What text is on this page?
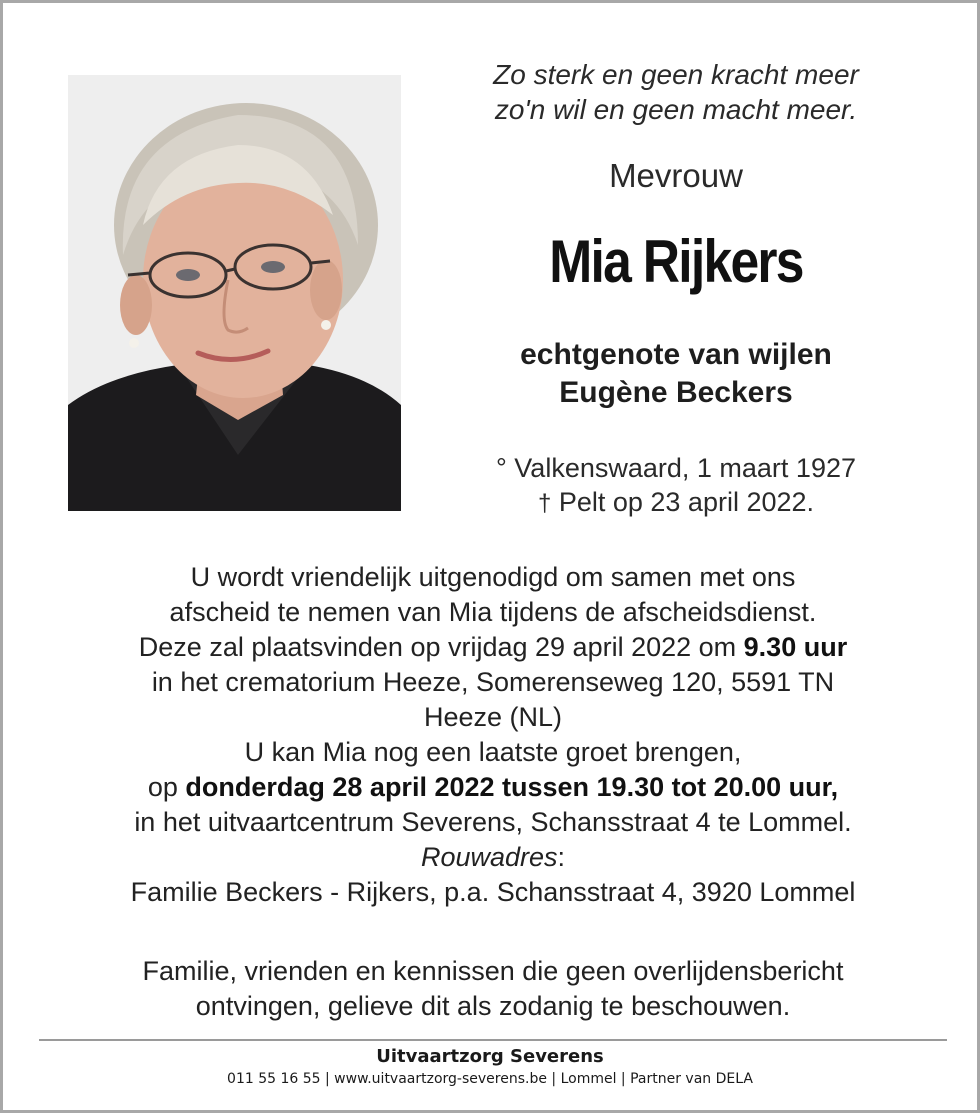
Zo sterk en geen kracht meer
zo'n wil en geen macht meer.
Mevrouw
Mia Rijkers
echtgenote van wijlen
Eugène Beckers
° Valkenswaard, 1 maart 1927
† Pelt op 23 april 2022.

U wordt vriendelijk uitgenodigd om samen met ons

afscheid te nemen van Mia tijdens de afscheidsdienst.

Deze zal plaatsvinden op vrijdag 29 april 2022 om 9.30 uur

in het crematorium Heeze, Somerenseweg 120, 5591 TN

Heeze (NL)

U kan Mia nog een laatste groet brengen,

op donderdag 28 april 2022 tussen 19.30 tot 20.00 uur,

in het uitvaartcentrum Severens, Schansstraat 4 te Lommel.

Rouwadres:

Familie Beckers - Rijkers, p.a. Schansstraat 4, 3920 Lommel

Familie, vrienden en kennissen die geen overlijdensbericht

ontvingen, gelieve dit als zodanig te beschouwen.

Uitvaartzorg Severens
011 55 16 55 | www.uitvaartzorg-severens.be | Lommel | Partner van DELA
